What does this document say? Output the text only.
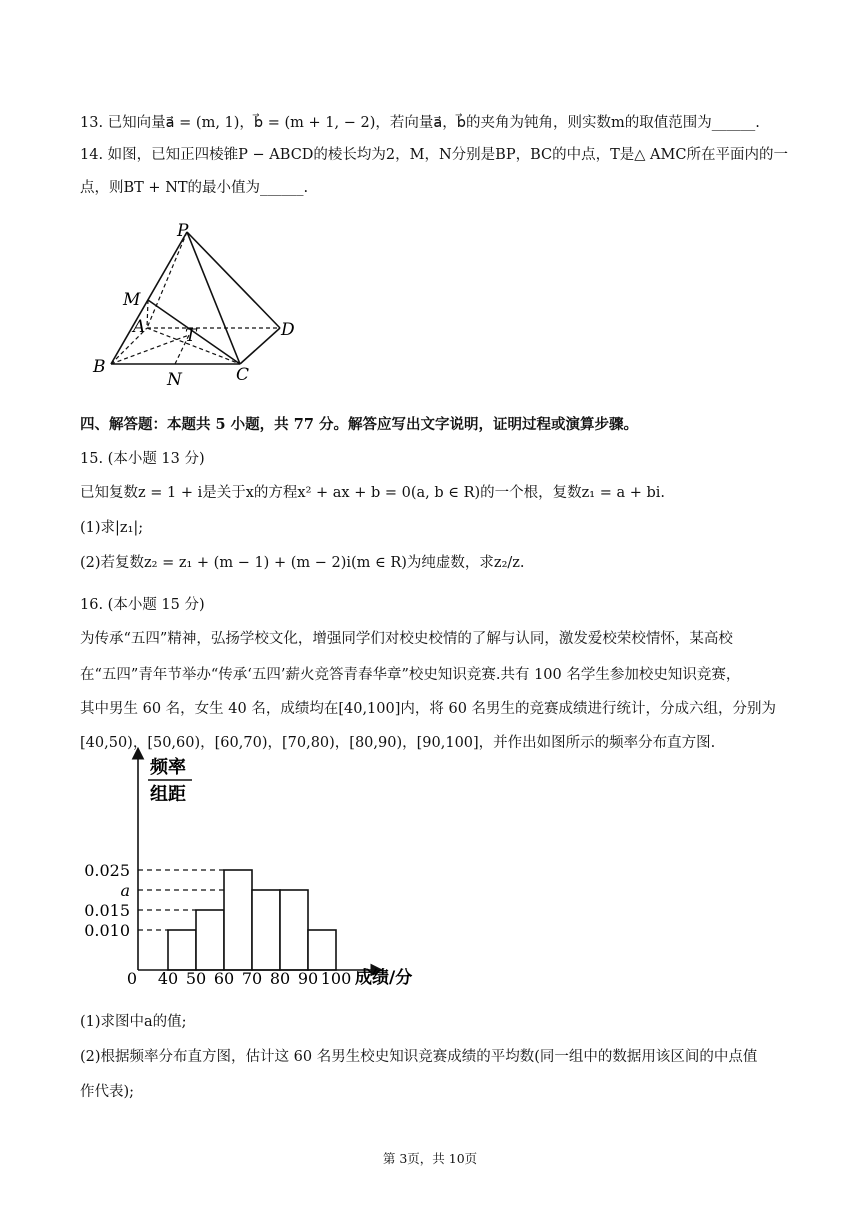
13. 已知向量a⃗ = (m, 1)，b⃗ = (m + 1, − 2)，若向量a⃗，b⃗的夹角为钝角，则实数m的取值范围为______.
14. 如图，已知正四棱锥P − ABCD的棱长均为2，M，N分别是BP，BC的中点，T是△ AMC所在平面内的一
点，则BT + NT的最小值为______.
P
M
A T	D
B
N	C
四、解答题：本题共 5 小题，共 77 分。解答应写出文字说明，证明过程或演算步骤。
15. (本小题 13 分)
已知复数z = 1 + i是关于x的方程x² + ax + b = 0(a, b ∈ R)的一个根，复数z₁ = a + bi.
(1)求|z₁|;
(2)若复数z₂ = z₁ + (m − 1) + (m − 2)i(m ∈ R)为纯虚数，求z₂/z.
16. (本小题 15 分)
为传承“五四”精神，弘扬学校文化，增强同学们对校史校情的了解与认同，激发爱校荣校情怀，某高校
在“五四”青年节举办“传承‘五四’薪火竞答青春华章”校史知识竞赛.共有 100 名学生参加校史知识竞赛，
其中男生 60 名，女生 40 名，成绩均在[40,100]内，将 60 名男生的竞赛成绩进行统计，分成六组，分别为
[40,50)，[50,60)，[60,70)，[70,80)，[80,90)，[90,100]，并作出如图所示的频率分布直方图.
频率
组距
0.025
a
0.015
0.010
0 40 50 60 70 80 90 100 成绩/分
(1)求图中a的值;
(2)根据频率分布直方图，估计这 60 名男生校史知识竞赛成绩的平均数(同一组中的数据用该区间的中点值
作代表);
第 3页，共 10页
